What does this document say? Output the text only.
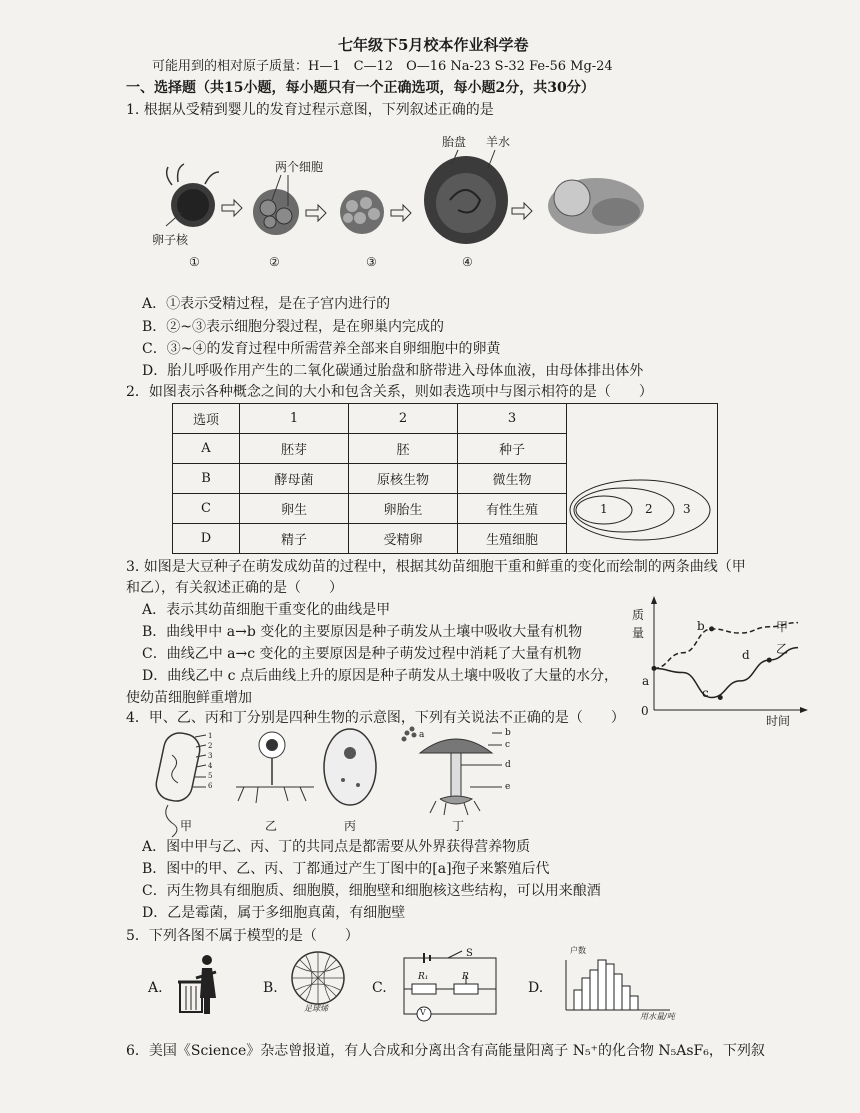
七年级下5月校本作业科学卷
可能用到的相对原子质量：H—1　C—12　O—16 Na-23 S-32 Fe-56 Mg-24
一、选择题（共15小题，每小题只有一个正确选项，每小题2分，共30分）
1. 根据从受精到婴儿的发育过程示意图，下列叙述正确的是
两个细胞
胎盘 羊水
卵子核
①	②	③	④
A．①表示受精过程，是在子宫内进行的
B．②~③表示细胞分裂过程，是在卵巢内完成的
C．③~④的发育过程中所需营养全部来自卵细胞中的卵黄
D．胎儿呼吸作用产生的二氧化碳通过胎盘和脐带进入母体血液，由母体排出体外
2．如图表示各种概念之间的大小和包含关系，则如表选项中与图示相符的是（　　）
选项	1	2	3	
A	胚芽	胚	种子	
B	酵母菌	原核生物	微生物	
C	卵生	卵胎生	有性生殖	
D	精子	受精卵	生殖细胞	
1	2	3
3. 如图是大豆种子在萌发成幼苗的过程中，根据其幼苗细胞干重和鲜重的变化而绘制的两条曲线（甲
和乙），有关叙述正确的是（　　）
A．表示其幼苗细胞干重变化的曲线是甲
B．曲线甲中 a→b 变化的主要原因是种子萌发从土壤中吸收大量有机物
C．曲线乙中 a→c 变化的主要原因是种子萌发过程中消耗了大量有机物
D．曲线乙中 c 点后曲线上升的原因是种子萌发从土壤中吸收了大量的水分，
使幼苗细胞鲜重增加
质
量
0
时间
甲
乙
a
b
c
d
4．甲、乙、丙和丁分别是四种生物的示意图，下列有关说法不正确的是（　　）
1
2
3
4
5
6
a	b
c
d
e
甲	乙	丙	丁
A．图中甲与乙、丙、丁的共同点是都需要从外界获得营养物质
B．图中的甲、乙、丙、丁都通过产生丁图中的[a]孢子来繁殖后代
C．丙生物具有细胞质、细胞膜，细胞壁和细胞核这些结构，可以用来酿酒
D．乙是霉菌，属于多细胞真菌，有细胞壁
5．下列各图不属于模型的是（　　）
A.	B.	C.	D.
足球烯
S
R₁	R
V
户数
用水量/吨
6．美国《Science》杂志曾报道，有人合成和分离出含有高能量阳离子 N₅⁺的化合物 N₅AsF₆，下列叙
